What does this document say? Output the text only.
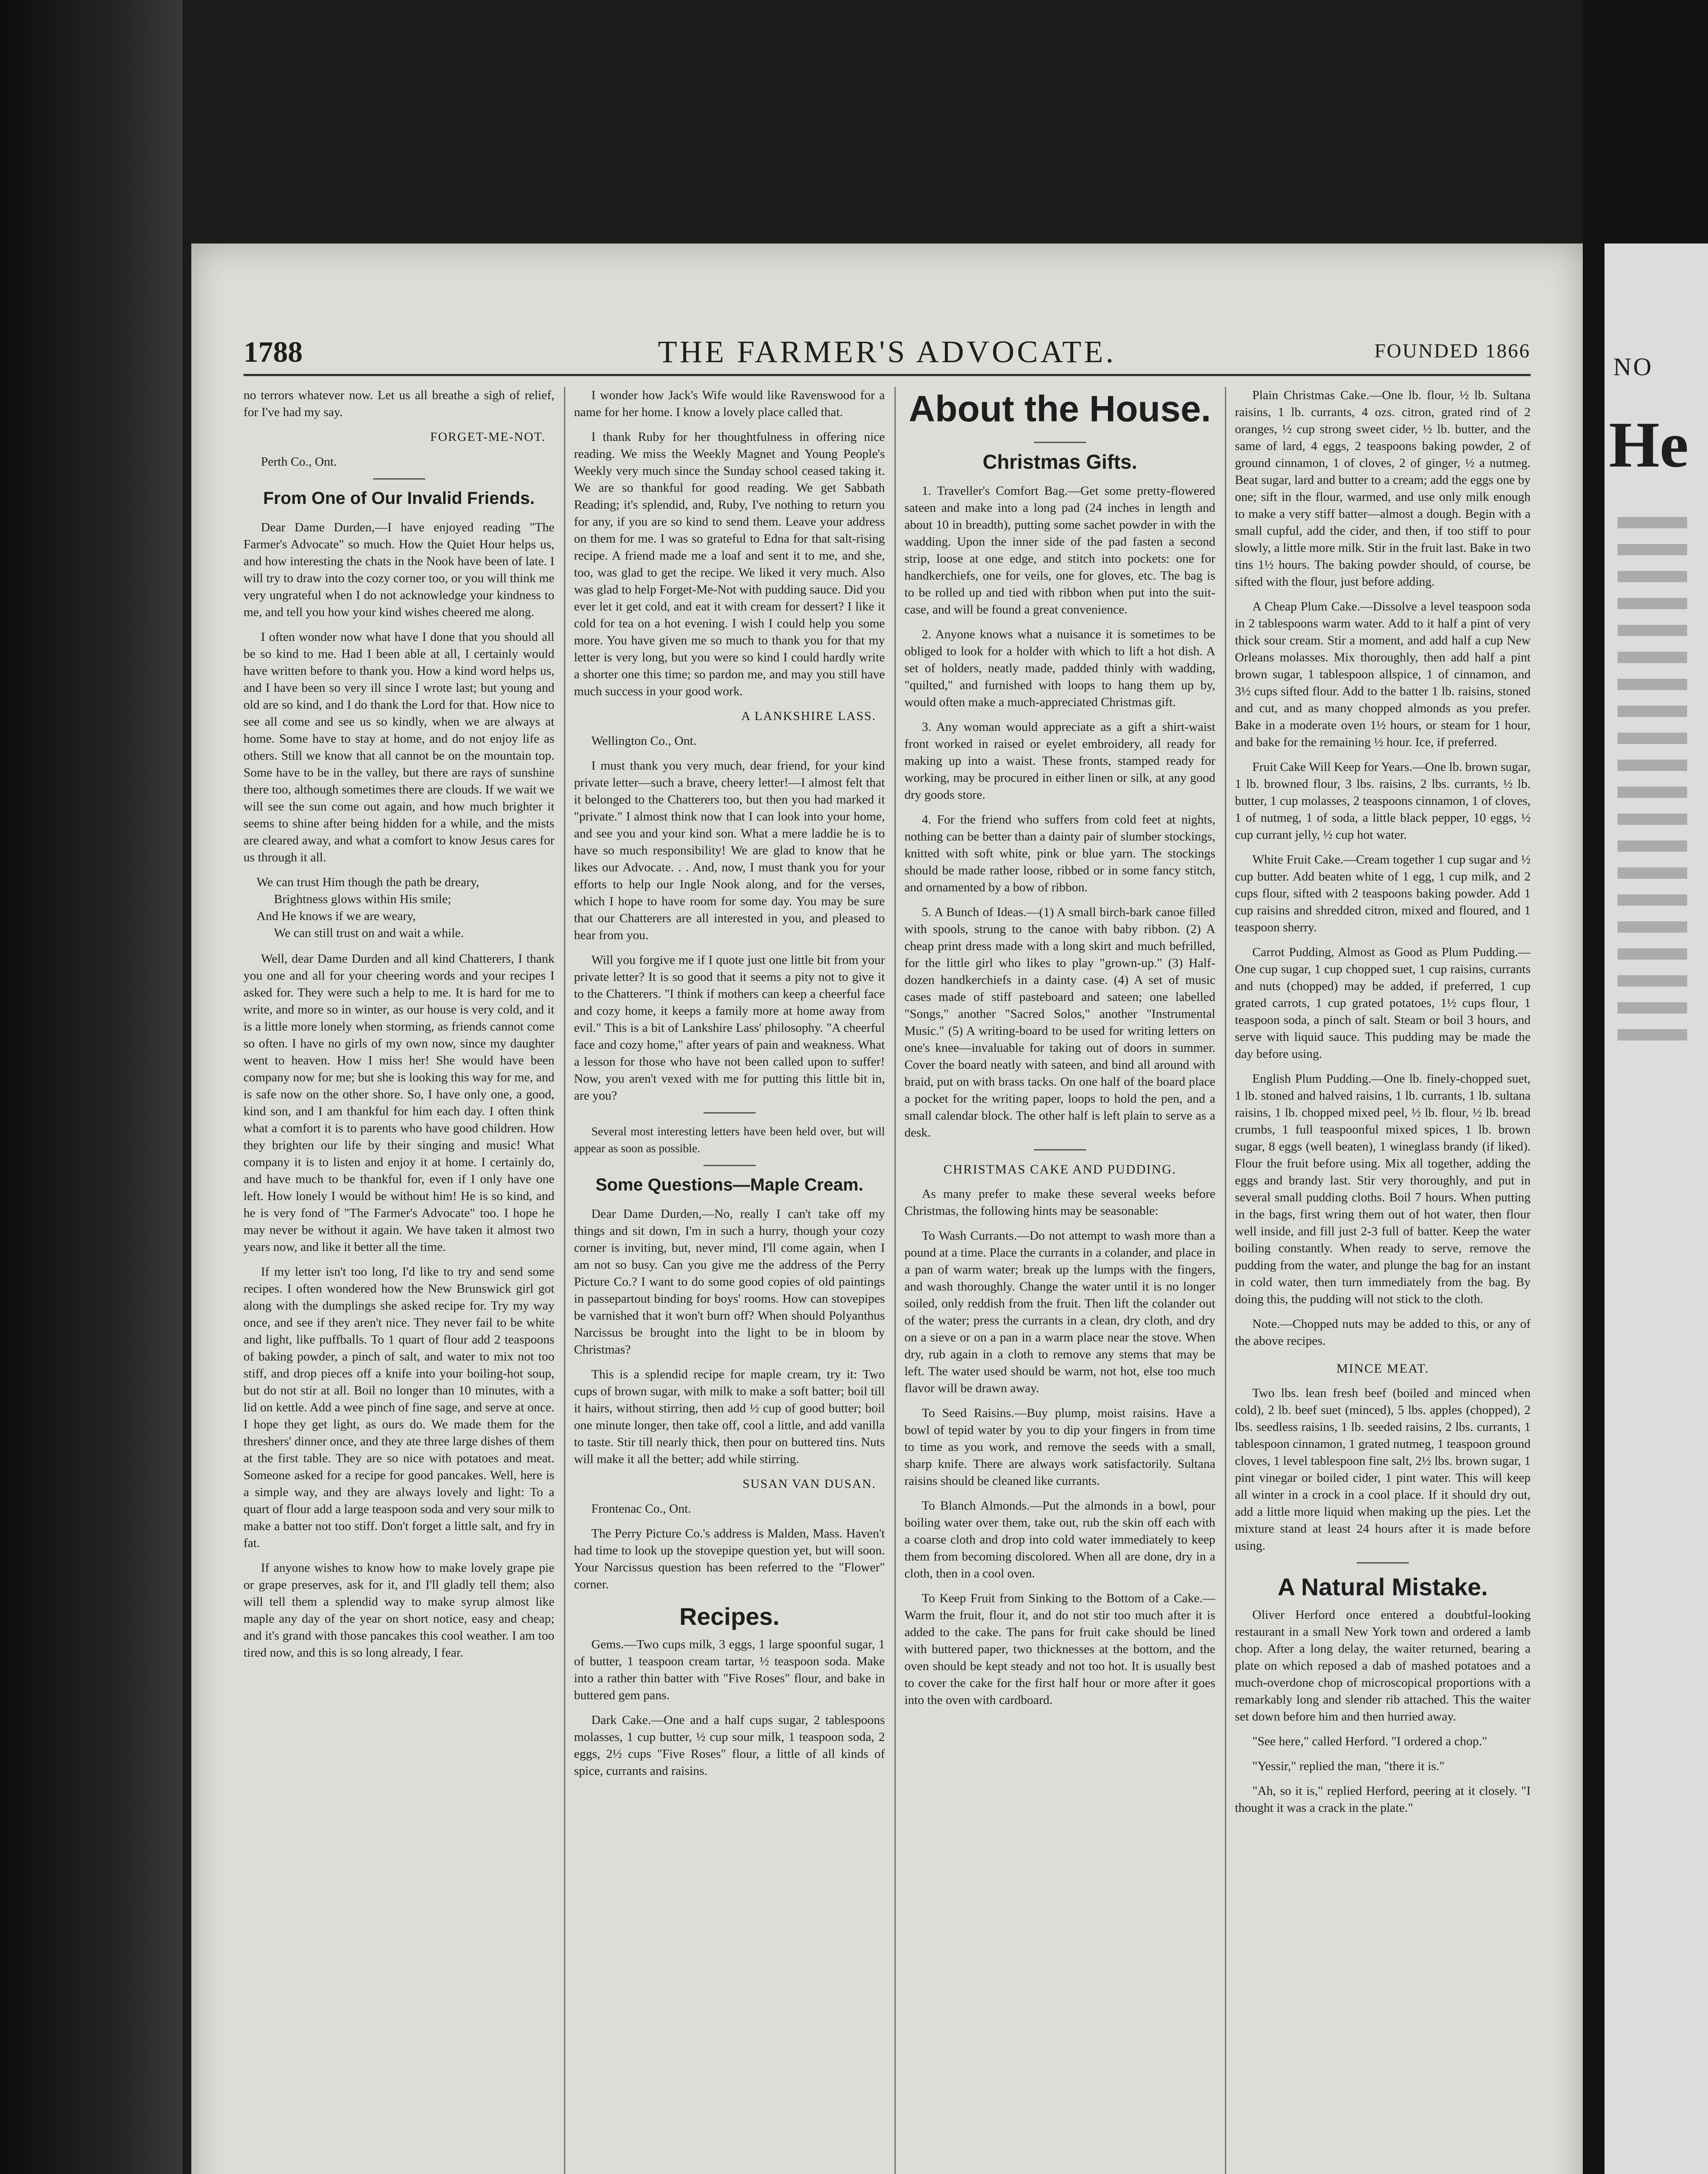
NO
He
1788	THE FARMER'S ADVOCATE.	FOUNDED 1866

no terrors whatever now. Let us all breathe a sigh of relief, for I've had my say.

FORGET-ME-NOT.

Perth Co., Ont.

From One of Our Invalid Friends.

Dear Dame Durden,—I have enjoyed reading "The Farmer's Advocate" so much. How the Quiet Hour helps us, and how interesting the chats in the Nook have been of late. I will try to draw into the cozy corner too, or you will think me very ungrateful when I do not acknowledge your kindness to me, and tell you how your kind wishes cheered me along.

I often wonder now what have I done that you should all be so kind to me. Had I been able at all, I certainly would have written before to thank you. How a kind word helps us, and I have been so very ill since I wrote last; but young and old are so kind, and I do thank the Lord for that. How nice to see all come and see us so kindly, when we are always at home. Some have to stay at home, and do not enjoy life as others. Still we know that all cannot be on the mountain top. Some have to be in the valley, but there are rays of sunshine there too, although sometimes there are clouds. If we wait we will see the sun come out again, and how much brighter it seems to shine after being hidden for a while, and the mists are cleared away, and what a comfort to know Jesus cares for us through it all.

We can trust Him though the path be dreary,
Brightness glows within His smile;
And He knows if we are weary,
We can still trust on and wait a while.

Well, dear Dame Durden and all kind Chatterers, I thank you one and all for your cheering words and your recipes I asked for. They were such a help to me. It is hard for me to write, and more so in winter, as our house is very cold, and it is a little more lonely when storming, as friends cannot come so often. I have no girls of my own now, since my daughter went to heaven. How I miss her! She would have been company now for me; but she is looking this way for me, and is safe now on the other shore. So, I have only one, a good, kind son, and I am thankful for him each day. I often think what a comfort it is to parents who have good children. How they brighten our life by their singing and music! What company it is to listen and enjoy it at home. I certainly do, and have much to be thankful for, even if I only have one left. How lonely I would be without him! He is so kind, and he is very fond of "The Farmer's Advocate" too. I hope he may never be without it again. We have taken it almost two years now, and like it better all the time.

If my letter isn't too long, I'd like to try and send some recipes. I often wondered how the New Brunswick girl got along with the dumplings she asked recipe for. Try my way once, and see if they aren't nice. They never fail to be white and light, like puffballs. To 1 quart of flour add 2 teaspoons of baking powder, a pinch of salt, and water to mix not too stiff, and drop pieces off a knife into your boiling-hot soup, but do not stir at all. Boil no longer than 10 minutes, with a lid on kettle. Add a wee pinch of fine sage, and serve at once. I hope they get light, as ours do. We made them for the threshers' dinner once, and they ate three large dishes of them at the first table. They are so nice with potatoes and meat. Someone asked for a recipe for good pancakes. Well, here is a simple way, and they are always lovely and light: To a quart of flour add a large teaspoon soda and very sour milk to make a batter not too stiff. Don't forget a little salt, and fry in fat.

If anyone wishes to know how to make lovely grape pie or grape preserves, ask for it, and I'll gladly tell them; also will tell them a splendid way to make syrup almost like maple any day of the year on short notice, easy and cheap; and it's grand with those pancakes this cool weather. I am too tired now, and this is so long already, I fear.

I wonder how Jack's Wife would like Ravenswood for a name for her home. I know a lovely place called that.

I thank Ruby for her thoughtfulness in offering nice reading. We miss the Weekly Magnet and Young People's Weekly very much since the Sunday school ceased taking it. We are so thankful for good reading. We get Sabbath Reading; it's splendid, and, Ruby, I've nothing to return you for any, if you are so kind to send them. Leave your address on them for me. I was so grateful to Edna for that salt-rising recipe. A friend made me a loaf and sent it to me, and she, too, was glad to get the recipe. We liked it very much. Also was glad to help Forget-Me-Not with pudding sauce. Did you ever let it get cold, and eat it with cream for dessert? I like it cold for tea on a hot evening. I wish I could help you some more. You have given me so much to thank you for that my letter is very long, but you were so kind I could hardly write a shorter one this time; so pardon me, and may you still have much success in your good work.

A LANKSHIRE LASS.

Wellington Co., Ont.

I must thank you very much, dear friend, for your kind private letter—such a brave, cheery letter!—I almost felt that it belonged to the Chatterers too, but then you had marked it "private." I almost think now that I can look into your home, and see you and your kind son. What a mere laddie he is to have so much responsibility! We are glad to know that he likes our Advocate. . . And, now, I must thank you for your efforts to help our Ingle Nook along, and for the verses, which I hope to have room for some day. You may be sure that our Chatterers are all interested in you, and pleased to hear from you.

Will you forgive me if I quote just one little bit from your private letter? It is so good that it seems a pity not to give it to the Chatterers. "I think if mothers can keep a cheerful face and cozy home, it keeps a family more at home away from evil." This is a bit of Lankshire Lass' philosophy. "A cheerful face and cozy home," after years of pain and weakness. What a lesson for those who have not been called upon to suffer! Now, you aren't vexed with me for putting this little bit in, are you?

Several most interesting letters have been held over, but will appear as soon as possible.

Some Questions—Maple Cream.

Dear Dame Durden,—No, really I can't take off my things and sit down, I'm in such a hurry, though your cozy corner is inviting, but, never mind, I'll come again, when I am not so busy. Can you give me the address of the Perry Picture Co.? I want to do some good copies of old paintings in passepartout binding for boys' rooms. How can stovepipes be varnished that it won't burn off? When should Polyanthus Narcissus be brought into the light to be in bloom by Christmas?

This is a splendid recipe for maple cream, try it: Two cups of brown sugar, with milk to make a soft batter; boil till it hairs, without stirring, then add ½ cup of good butter; boil one minute longer, then take off, cool a little, and add vanilla to taste. Stir till nearly thick, then pour on buttered tins. Nuts will make it all the better; add while stirring.

SUSAN VAN DUSAN.

Frontenac Co., Ont.

The Perry Picture Co.'s address is Malden, Mass. Haven't had time to look up the stovepipe question yet, but will soon. Your Narcissus question has been referred to the "Flower" corner.

Recipes.

Gems.—Two cups milk, 3 eggs, 1 large spoonful sugar, 1 of butter, 1 teaspoon cream tartar, ½ teaspoon soda. Make into a rather thin batter with "Five Roses" flour, and bake in buttered gem pans.

Dark Cake.—One and a half cups sugar, 2 tablespoons molasses, 1 cup butter, ½ cup sour milk, 1 teaspoon soda, 2 eggs, 2½ cups "Five Roses" flour, a little of all kinds of spice, currants and raisins.

About the House.
Christmas Gifts.

1. Traveller's Comfort Bag.—Get some pretty-flowered sateen and make into a long pad (24 inches in length and about 10 in breadth), putting some sachet powder in with the wadding. Upon the inner side of the pad fasten a second strip, loose at one edge, and stitch into pockets: one for handkerchiefs, one for veils, one for gloves, etc. The bag is to be rolled up and tied with ribbon when put into the suit-case, and will be found a great convenience.

2. Anyone knows what a nuisance it is sometimes to be obliged to look for a holder with which to lift a hot dish. A set of holders, neatly made, padded thinly with wadding, "quilted," and furnished with loops to hang them up by, would often make a much-appreciated Christmas gift.

3. Any woman would appreciate as a gift a shirt-waist front worked in raised or eyelet embroidery, all ready for making up into a waist. These fronts, stamped ready for working, may be procured in either linen or silk, at any good dry goods store.

4. For the friend who suffers from cold feet at nights, nothing can be better than a dainty pair of slumber stockings, knitted with soft white, pink or blue yarn. The stockings should be made rather loose, ribbed or in some fancy stitch, and ornamented by a bow of ribbon.

5. A Bunch of Ideas.—(1) A small birch-bark canoe filled with spools, strung to the canoe with baby ribbon. (2) A cheap print dress made with a long skirt and much befrilled, for the little girl who likes to play "grown-up." (3) Half-dozen handkerchiefs in a dainty case. (4) A set of music cases made of stiff pasteboard and sateen; one labelled "Songs," another "Sacred Solos," another "Instrumental Music." (5) A writing-board to be used for writing letters on one's knee—invaluable for taking out of doors in summer. Cover the board neatly with sateen, and bind all around with braid, put on with brass tacks. On one half of the board place a pocket for the writing paper, loops to hold the pen, and a small calendar block. The other half is left plain to serve as a desk.

CHRISTMAS CAKE AND PUDDING.

As many prefer to make these several weeks before Christmas, the following hints may be seasonable:

To Wash Currants.—Do not attempt to wash more than a pound at a time. Place the currants in a colander, and place in a pan of warm water; break up the lumps with the fingers, and wash thoroughly. Change the water until it is no longer soiled, only reddish from the fruit. Then lift the colander out of the water; press the currants in a clean, dry cloth, and dry on a sieve or on a pan in a warm place near the stove. When dry, rub again in a cloth to remove any stems that may be left. The water used should be warm, not hot, else too much flavor will be drawn away.

To Seed Raisins.—Buy plump, moist raisins. Have a bowl of tepid water by you to dip your fingers in from time to time as you work, and remove the seeds with a small, sharp knife. There are always work satisfactorily. Sultana raisins should be cleaned like currants.

To Blanch Almonds.—Put the almonds in a bowl, pour boiling water over them, take out, rub the skin off each with a coarse cloth and drop into cold water immediately to keep them from becoming discolored. When all are done, dry in a cloth, then in a cool oven.

To Keep Fruit from Sinking to the Bottom of a Cake.—Warm the fruit, flour it, and do not stir too much after it is added to the cake. The pans for fruit cake should be lined with buttered paper, two thicknesses at the bottom, and the oven should be kept steady and not too hot. It is usually best to cover the cake for the first half hour or more after it goes into the oven with cardboard.

Plain Christmas Cake.—One lb. flour, ½ lb. Sultana raisins, 1 lb. currants, 4 ozs. citron, grated rind of 2 oranges, ½ cup strong sweet cider, ½ lb. butter, and the same of lard, 4 eggs, 2 teaspoons baking powder, 2 of ground cinnamon, 1 of cloves, 2 of ginger, ½ a nutmeg. Beat sugar, lard and butter to a cream; add the eggs one by one; sift in the flour, warmed, and use only milk enough to make a very stiff batter—almost a dough. Begin with a small cupful, add the cider, and then, if too stiff to pour slowly, a little more milk. Stir in the fruit last. Bake in two tins 1½ hours. The baking powder should, of course, be sifted with the flour, just before adding.

A Cheap Plum Cake.—Dissolve a level teaspoon soda in 2 tablespoons warm water. Add to it half a pint of very thick sour cream. Stir a moment, and add half a cup New Orleans molasses. Mix thoroughly, then add half a pint brown sugar, 1 tablespoon allspice, 1 of cinnamon, and 3½ cups sifted flour. Add to the batter 1 lb. raisins, stoned and cut, and as many chopped almonds as you prefer. Bake in a moderate oven 1½ hours, or steam for 1 hour, and bake for the remaining ½ hour. Ice, if preferred.

Fruit Cake Will Keep for Years.—One lb. brown sugar, 1 lb. browned flour, 3 lbs. raisins, 2 lbs. currants, ½ lb. butter, 1 cup molasses, 2 teaspoons cinnamon, 1 of cloves, 1 of nutmeg, 1 of soda, a little black pepper, 10 eggs, ½ cup currant jelly, ½ cup hot water.

White Fruit Cake.—Cream together 1 cup sugar and ½ cup butter. Add beaten white of 1 egg, 1 cup milk, and 2 cups flour, sifted with 2 teaspoons baking powder. Add 1 cup raisins and shredded citron, mixed and floured, and 1 teaspoon sherry.

Carrot Pudding, Almost as Good as Plum Pudding.—One cup sugar, 1 cup chopped suet, 1 cup raisins, currants and nuts (chopped) may be added, if preferred, 1 cup grated carrots, 1 cup grated potatoes, 1½ cups flour, 1 teaspoon soda, a pinch of salt. Steam or boil 3 hours, and serve with liquid sauce. This pudding may be made the day before using.

English Plum Pudding.—One lb. finely-chopped suet, 1 lb. stoned and halved raisins, 1 lb. currants, 1 lb. sultana raisins, 1 lb. chopped mixed peel, ½ lb. flour, ½ lb. bread crumbs, 1 full teaspoonful mixed spices, 1 lb. brown sugar, 8 eggs (well beaten), 1 wineglass brandy (if liked). Flour the fruit before using. Mix all together, adding the eggs and brandy last. Stir very thoroughly, and put in several small pudding cloths. Boil 7 hours. When putting in the bags, first wring them out of hot water, then flour well inside, and fill just 2-3 full of batter. Keep the water boiling constantly. When ready to serve, remove the pudding from the water, and plunge the bag for an instant in cold water, then turn immediately from the bag. By doing this, the pudding will not stick to the cloth.

Note.—Chopped nuts may be added to this, or any of the above recipes.

MINCE MEAT.

Two lbs. lean fresh beef (boiled and minced when cold), 2 lb. beef suet (minced), 5 lbs. apples (chopped), 2 lbs. seedless raisins, 1 lb. seeded raisins, 2 lbs. currants, 1 tablespoon cinnamon, 1 grated nutmeg, 1 teaspoon ground cloves, 1 level tablespoon fine salt, 2½ lbs. brown sugar, 1 pint vinegar or boiled cider, 1 pint water. This will keep all winter in a crock in a cool place. If it should dry out, add a little more liquid when making up the pies. Let the mixture stand at least 24 hours after it is made before using.

A Natural Mistake.

Oliver Herford once entered a doubtful-looking restaurant in a small New York town and ordered a lamb chop. After a long delay, the waiter returned, bearing a plate on which reposed a dab of mashed potatoes and a much-overdone chop of microscopical proportions with a remarkably long and slender rib attached. This the waiter set down before him and then hurried away.

"See here," called Herford. "I ordered a chop."

"Yessir," replied the man, "there it is."

"Ah, so it is," replied Herford, peering at it closely. "I thought it was a crack in the plate."
